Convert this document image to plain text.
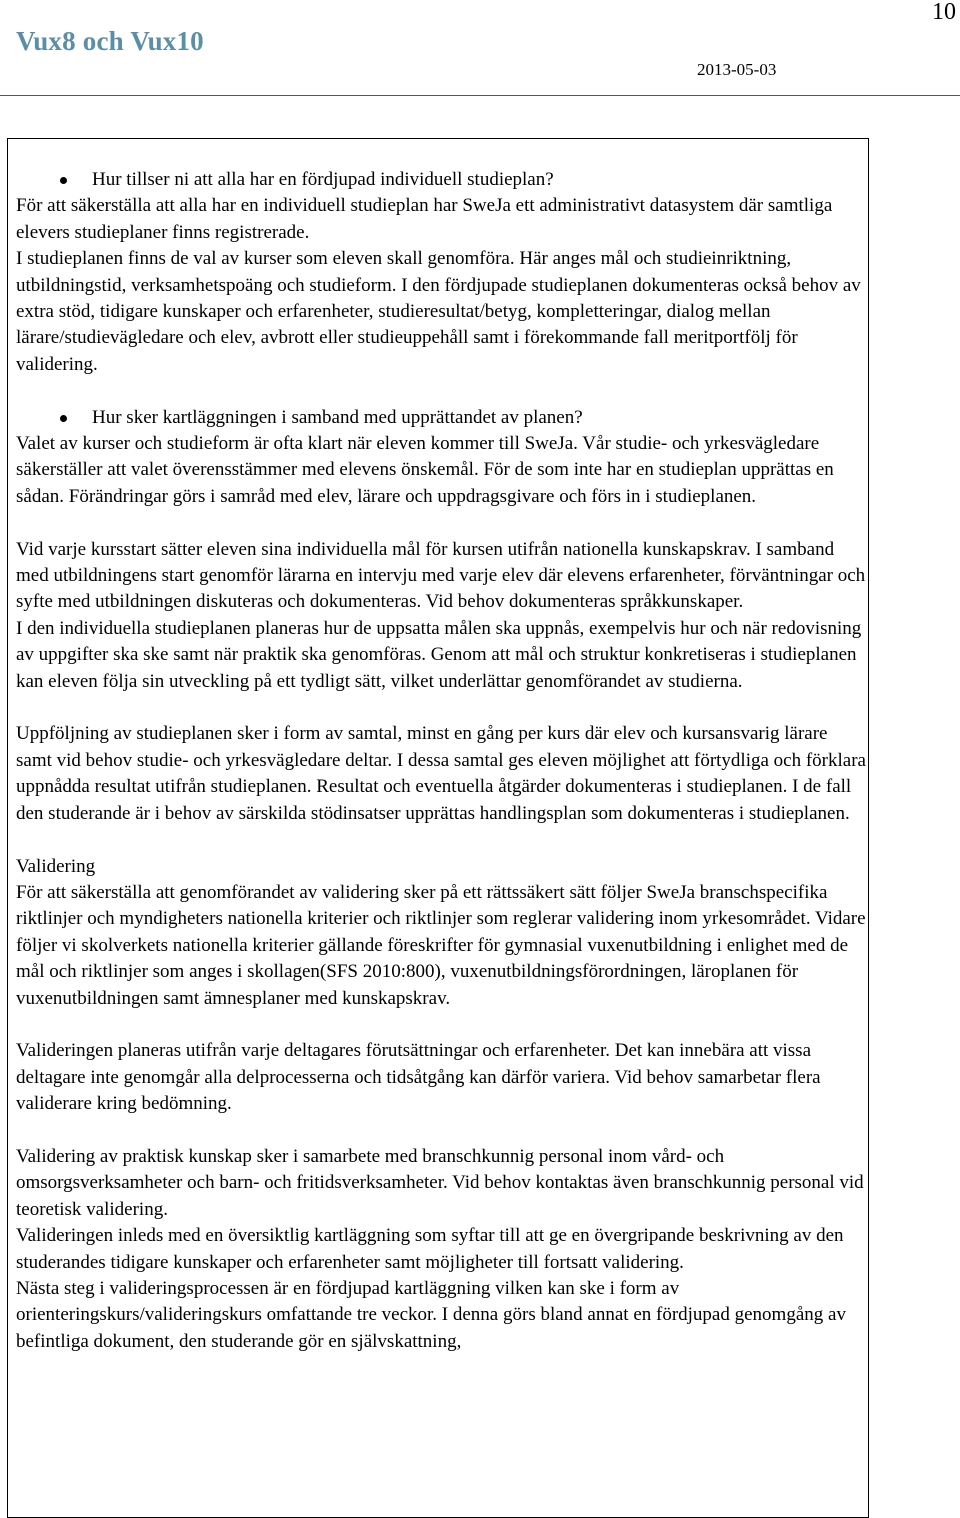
10
Vux8 och Vux10
2013-05-03
Hur tillser ni att alla har en fördjupad individuell studieplan?

För att säkerställa att alla har en individuell studieplan har SweJa ett administrativt datasystem där samtliga elevers studieplaner finns registrerade.

I studieplanen finns de val av kurser som eleven skall genomföra. Här anges mål och studieinriktning, utbildningstid, verksamhetspoäng och studieform. I den fördjupade studieplanen dokumenteras också behov av extra stöd, tidigare kunskaper och erfarenheter, studieresultat/betyg, kompletteringar, dialog mellan lärare/studievägledare och elev, avbrott eller studieuppehåll samt i förekommande fall meritportfölj för validering.

Hur sker kartläggningen i samband med upprättandet av planen?

Valet av kurser och studieform är ofta klart när eleven kommer till SweJa. Vår studie- och yrkesvägledare säkerställer att valet överensstämmer med elevens önskemål. För de som inte har en studieplan upprättas en sådan. Förändringar görs i samråd med elev, lärare och uppdragsgivare och förs in i studieplanen.

Vid varje kursstart sätter eleven sina individuella mål för kursen utifrån nationella kunskapskrav. I samband med utbildningens start genomför lärarna en intervju med varje elev där elevens erfarenheter, förväntningar och syfte med utbildningen diskuteras och dokumenteras. Vid behov dokumenteras språkkunskaper.

I den individuella studieplanen planeras hur de uppsatta målen ska uppnås, exempelvis hur och när redovisning av uppgifter ska ske samt när praktik ska genomföras. Genom att mål och struktur konkretiseras i studieplanen kan eleven följa sin utveckling på ett tydligt sätt, vilket underlättar genomförandet av studierna.

Uppföljning av studieplanen sker i form av samtal, minst en gång per kurs där elev och kursansvarig lärare samt vid behov studie- och yrkesvägledare deltar. I dessa samtal ges eleven möjlighet att förtydliga och förklara uppnådda resultat utifrån studieplanen. Resultat och eventuella åtgärder dokumenteras i studieplanen. I de fall den studerande är i behov av särskilda stödinsatser upprättas handlingsplan som dokumenteras i studieplanen.

Validering

För att säkerställa att genomförandet av validering sker på ett rättssäkert sätt följer SweJa branschspecifika riktlinjer och myndigheters nationella kriterier och riktlinjer som reglerar validering inom yrkesområdet. Vidare följer vi skolverkets nationella kriterier gällande föreskrifter för gymnasial vuxenutbildning i enlighet med de mål och riktlinjer som anges i skollagen(SFS 2010:800), vuxenutbildningsförordningen, läroplanen för vuxenutbildningen samt ämnesplaner med kunskapskrav.

Valideringen planeras utifrån varje deltagares förutsättningar och erfarenheter. Det kan innebära att vissa deltagare inte genomgår alla delprocesserna och tidsåtgång kan därför variera. Vid behov samarbetar flera validerare kring bedömning.

Validering av praktisk kunskap sker i samarbete med branschkunnig personal inom vård- och omsorgsverksamheter och barn- och fritidsverksamheter. Vid behov kontaktas även branschkunnig personal vid teoretisk validering.

Valideringen inleds med en översiktlig kartläggning som syftar till att ge en övergripande beskrivning av den studerandes tidigare kunskaper och erfarenheter samt möjligheter till fortsatt validering.

Nästa steg i valideringsprocessen är en fördjupad kartläggning vilken kan ske i form av orienteringskurs/valideringskurs omfattande tre veckor. I denna görs bland annat en fördjupad genomgång av befintliga dokument, den studerande gör en självskattning,
